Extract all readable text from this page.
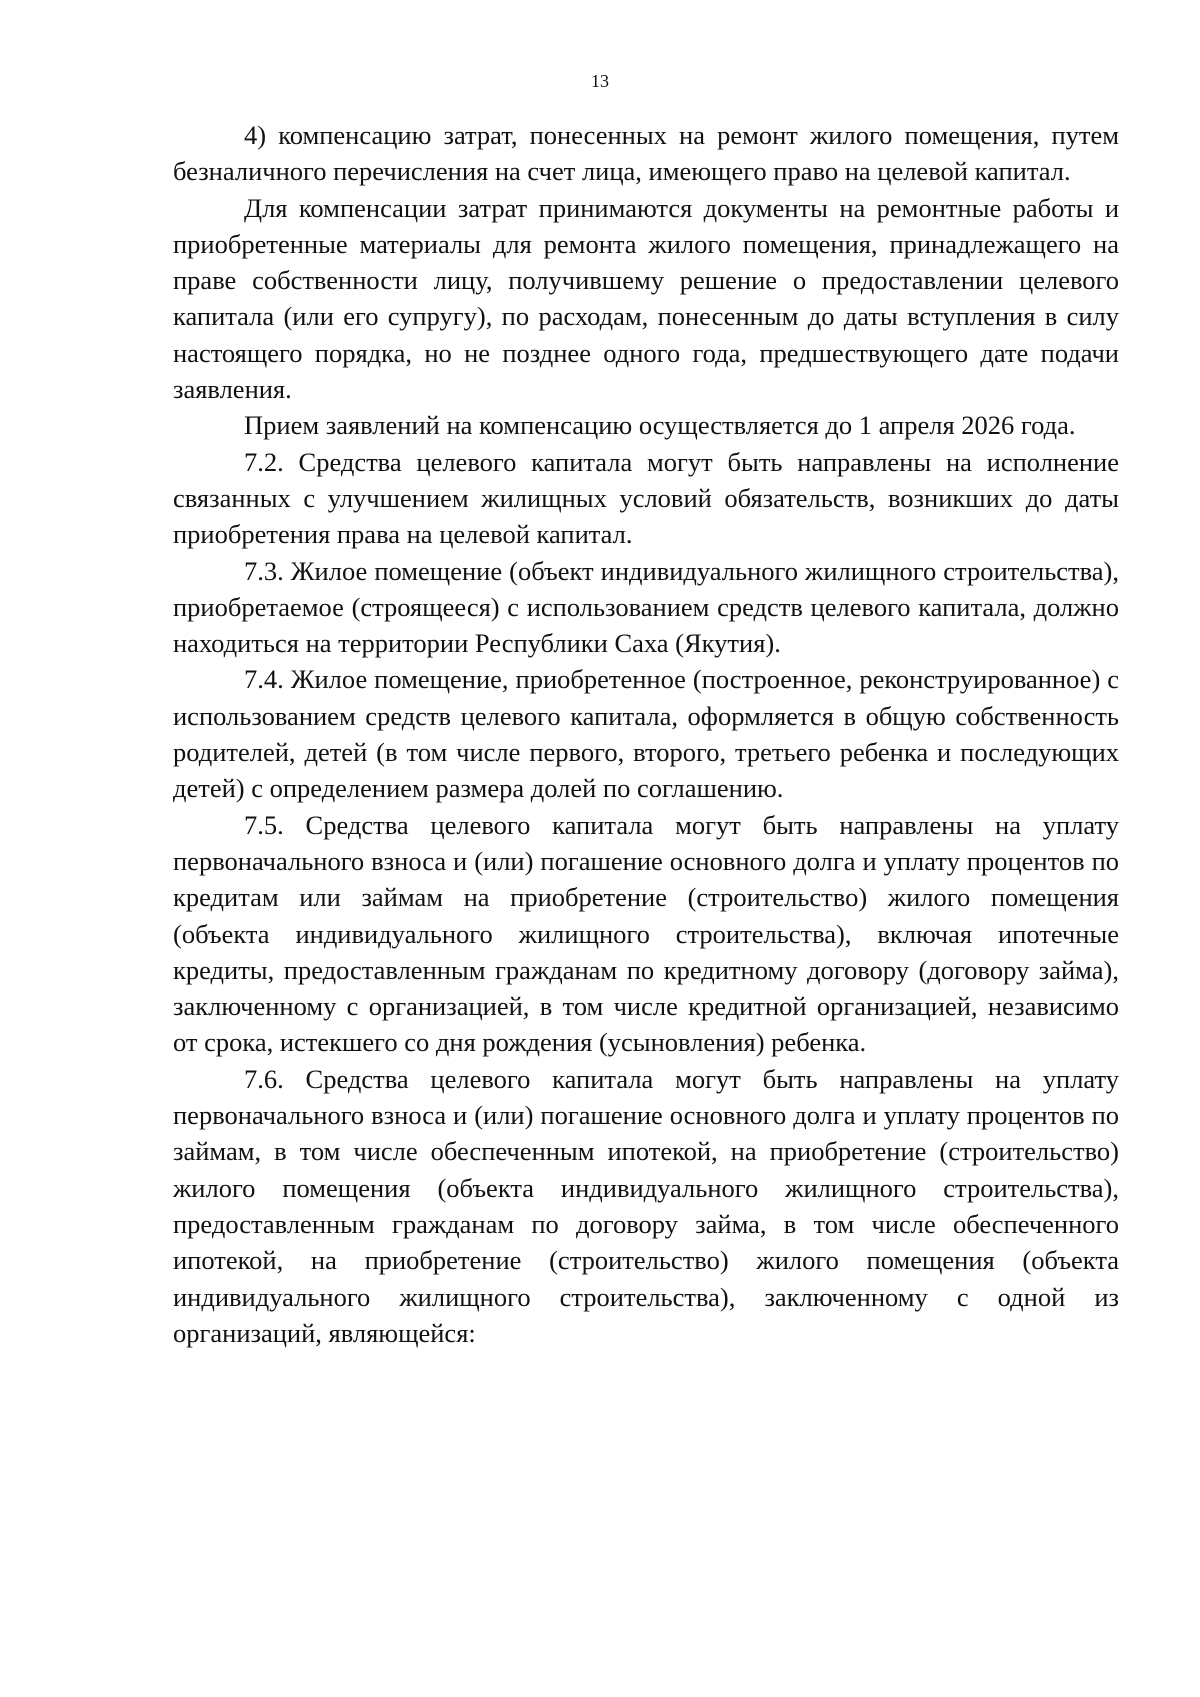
13

4) компенсацию затрат, понесенных на ремонт жилого помещения, путем безналичного перечисления на счет лица, имеющего право на целевой капитал.

Для компенсации затрат принимаются документы на ремонтные работы и приобретенные материалы для ремонта жилого помещения, принадлежащего на праве собственности лицу, получившему решение о предоставлении целевого капитала (или его супругу), по расходам, понесенным до даты вступления в силу настоящего порядка, но не позднее одного года, предшествующего дате подачи заявления.

Прием заявлений на компенсацию осуществляется до 1 апреля 2026 года.

7.2. Средства целевого капитала могут быть направлены на исполнение связанных с улучшением жилищных условий обязательств, возникших до даты приобретения права на целевой капитал.

7.3. Жилое помещение (объект индивидуального жилищного строительства), приобретаемое (строящееся) с использованием средств целевого капитала, должно находиться на территории Республики Саха (Якутия).

7.4. Жилое помещение, приобретенное (построенное, реконструированное) с использованием средств целевого капитала, оформляется в общую собственность родителей, детей (в том числе первого, второго, третьего ребенка и последующих детей) с определением размера долей по соглашению.

7.5. Средства целевого капитала могут быть направлены на уплату первоначального взноса и (или) погашение основного долга и уплату процентов по кредитам или займам на приобретение (строительство) жилого помещения (объекта индивидуального жилищного строительства), включая ипотечные кредиты, предоставленным гражданам по кредитному договору (договору займа), заключенному с организацией, в том числе кредитной организацией, независимо от срока, истекшего со дня рождения (усыновления) ребенка.

7.6. Средства целевого капитала могут быть направлены на уплату первоначального взноса и (или) погашение основного долга и уплату процентов по займам, в том числе обеспеченным ипотекой, на приобретение (строительство) жилого помещения (объекта индивидуального жилищного строительства), предоставленным гражданам по договору займа, в том числе обеспеченного ипотекой, на приобретение (строительство) жилого помещения (объекта индивидуального жилищного строительства), заключенному с одной из организаций, являющейся:
